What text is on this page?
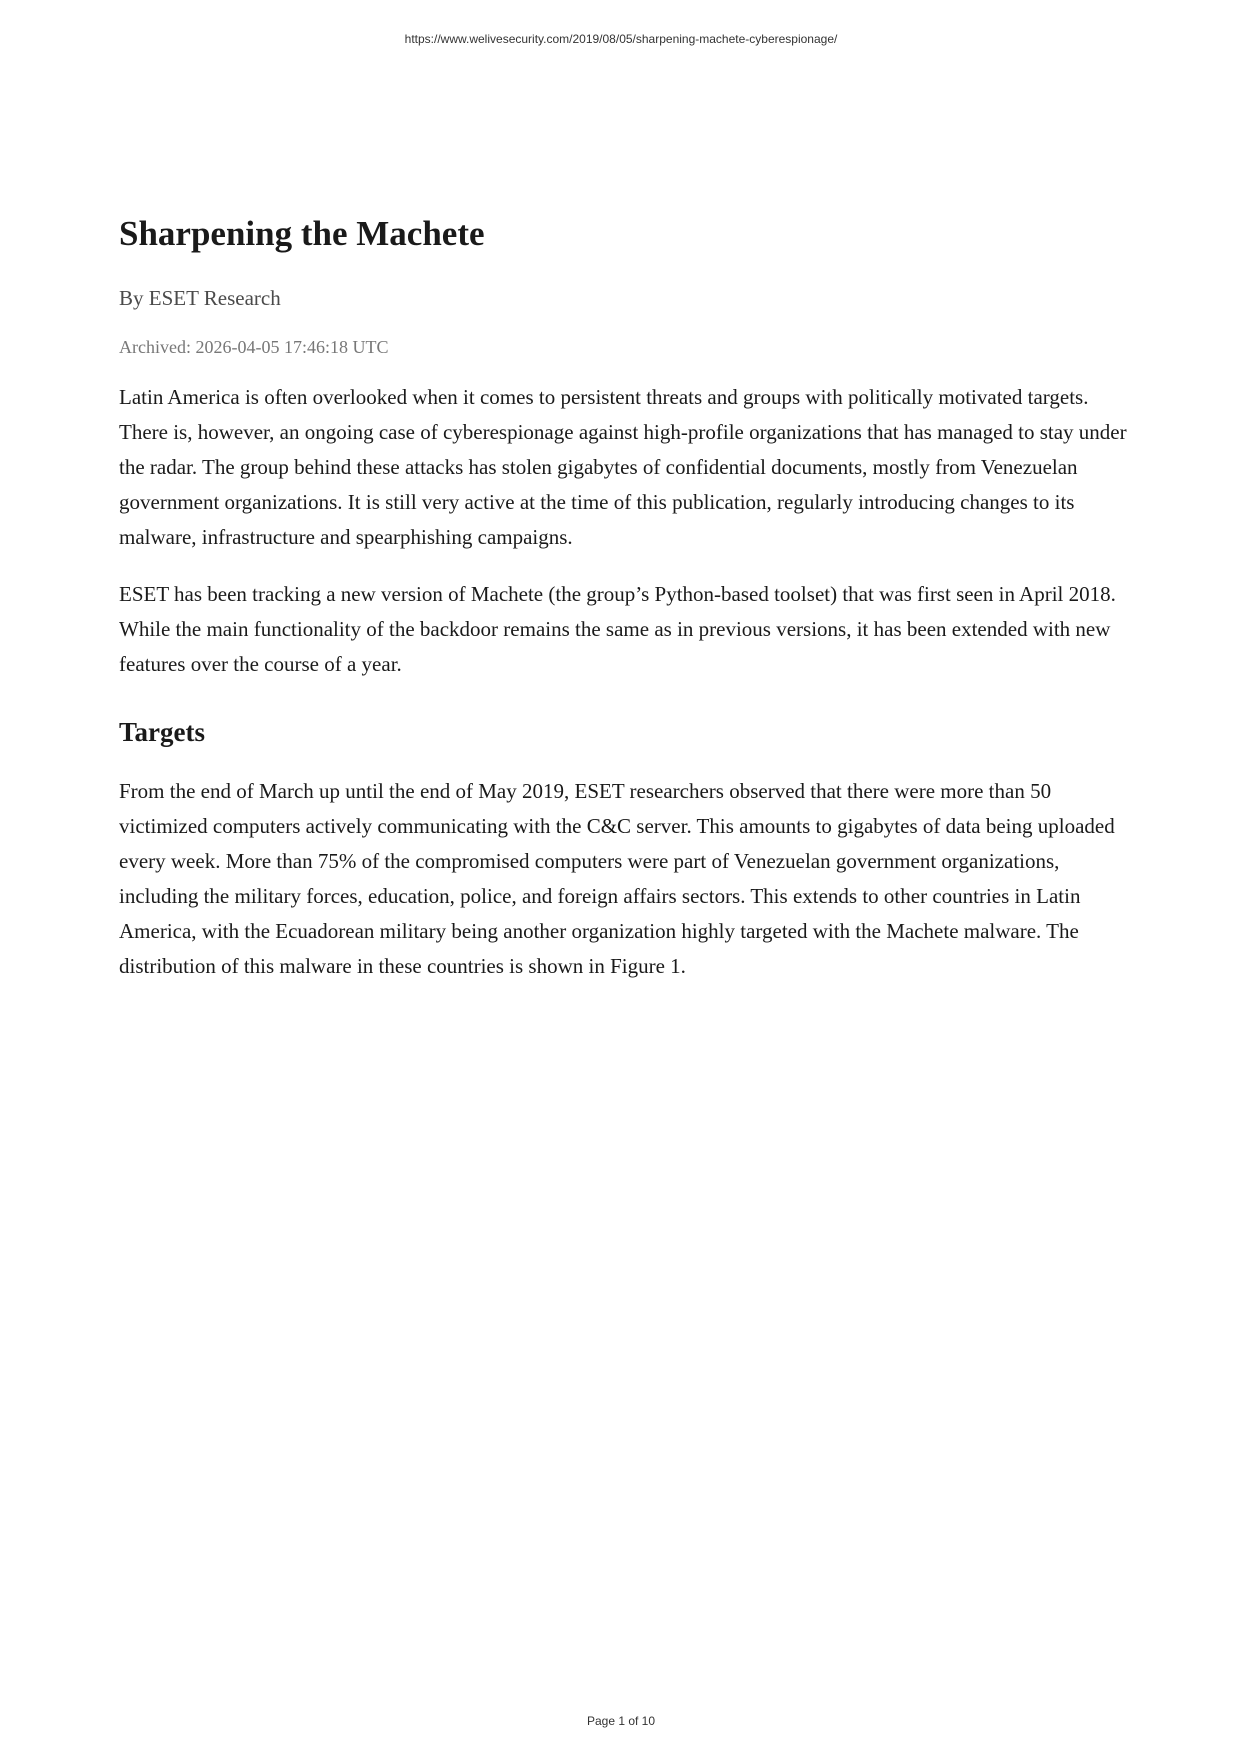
https://www.welivesecurity.com/2019/08/05/sharpening-machete-cyberespionage/
Sharpening the Machete
By ESET Research
Archived: 2026-04-05 17:46:18 UTC

Latin America is often overlooked when it comes to persistent threats and groups with politically motivated targets. There is, however, an ongoing case of cyberespionage against high-profile organizations that has managed to stay under the radar. The group behind these attacks has stolen gigabytes of confidential documents, mostly from Venezuelan government organizations. It is still very active at the time of this publication, regularly introducing changes to its malware, infrastructure and spearphishing campaigns.

ESET has been tracking a new version of Machete (the group’s Python-based toolset) that was first seen in April 2018. While the main functionality of the backdoor remains the same as in previous versions, it has been extended with new features over the course of a year.

Targets

From the end of March up until the end of May 2019, ESET researchers observed that there were more than 50 victimized computers actively communicating with the C&C server. This amounts to gigabytes of data being uploaded every week. More than 75% of the compromised computers were part of Venezuelan government organizations, including the military forces, education, police, and foreign affairs sectors. This extends to other countries in Latin America, with the Ecuadorean military being another organization highly targeted with the Machete malware. The distribution of this malware in these countries is shown in Figure 1.

Page 1 of 10
